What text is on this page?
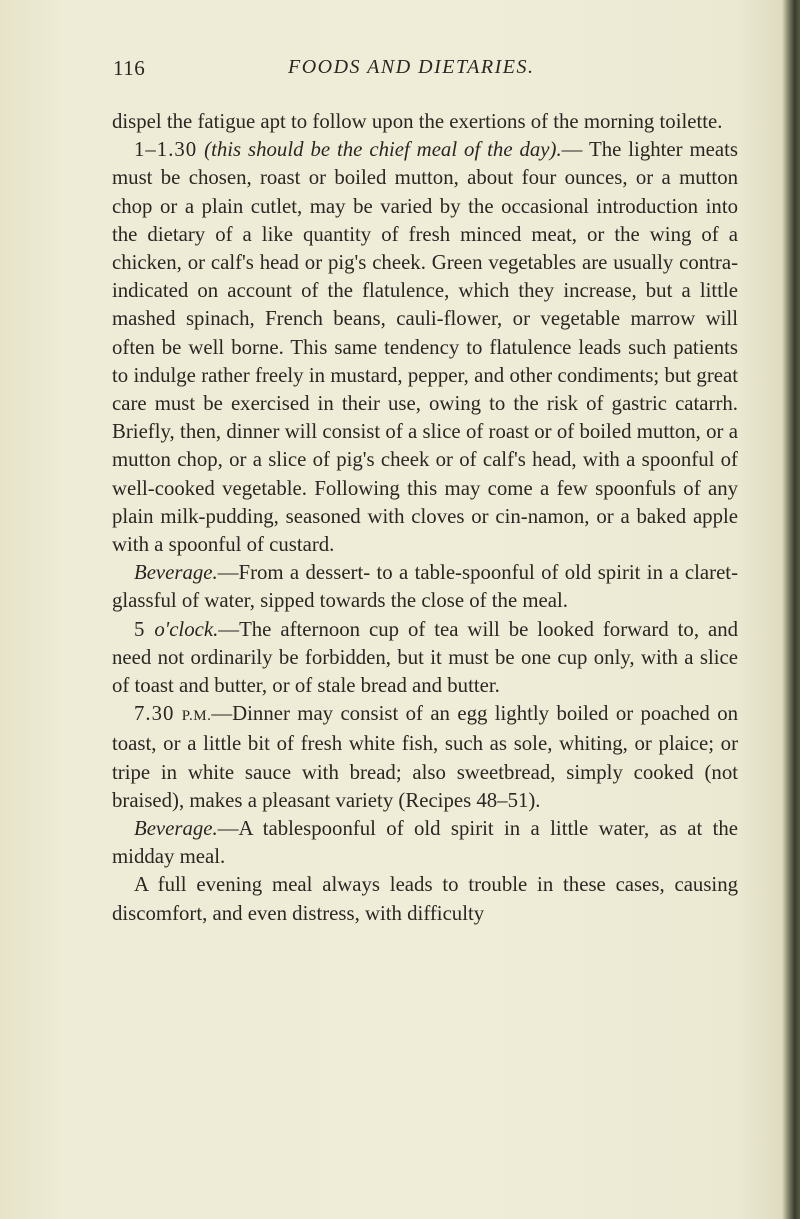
116	FOODS AND DIETARIES.

dispel the fatigue apt to follow upon the exertions of the morning toilette.

1–1.30 (this should be the chief meal of the day).— The lighter meats must be chosen, roast or boiled mutton, about four ounces, or a mutton chop or a plain cutlet, may be varied by the occasional introduction into the dietary of a like quantity of fresh minced meat, or the wing of a chicken, or calf's head or pig's cheek. Green vegetables are usually contra-indicated on account of the flatulence, which they increase, but a little mashed spinach, French beans, cauli-flower, or vegetable marrow will often be well borne. This same tendency to flatulence leads such patients to indulge rather freely in mustard, pepper, and other condiments; but great care must be exercised in their use, owing to the risk of gastric catarrh. Briefly, then, dinner will consist of a slice of roast or of boiled mutton, or a mutton chop, or a slice of pig's cheek or of calf's head, with a spoonful of well-cooked vegetable. Following this may come a few spoonfuls of any plain milk-pudding, seasoned with cloves or cin-namon, or a baked apple with a spoonful of custard.

Beverage.—From a dessert- to a table-spoonful of old spirit in a claret-glassful of water, sipped towards the close of the meal.

5 o'clock.—The afternoon cup of tea will be looked forward to, and need not ordinarily be forbidden, but it must be one cup only, with a slice of toast and butter, or of stale bread and butter.

7.30 P.M.—Dinner may consist of an egg lightly boiled or poached on toast, or a little bit of fresh white fish, such as sole, whiting, or plaice; or tripe in white sauce with bread; also sweetbread, simply cooked (not braised), makes a pleasant variety (Recipes 48–51).

Beverage.—A tablespoonful of old spirit in a little water, as at the midday meal.

A full evening meal always leads to trouble in these cases, causing discomfort, and even distress, with difficulty
